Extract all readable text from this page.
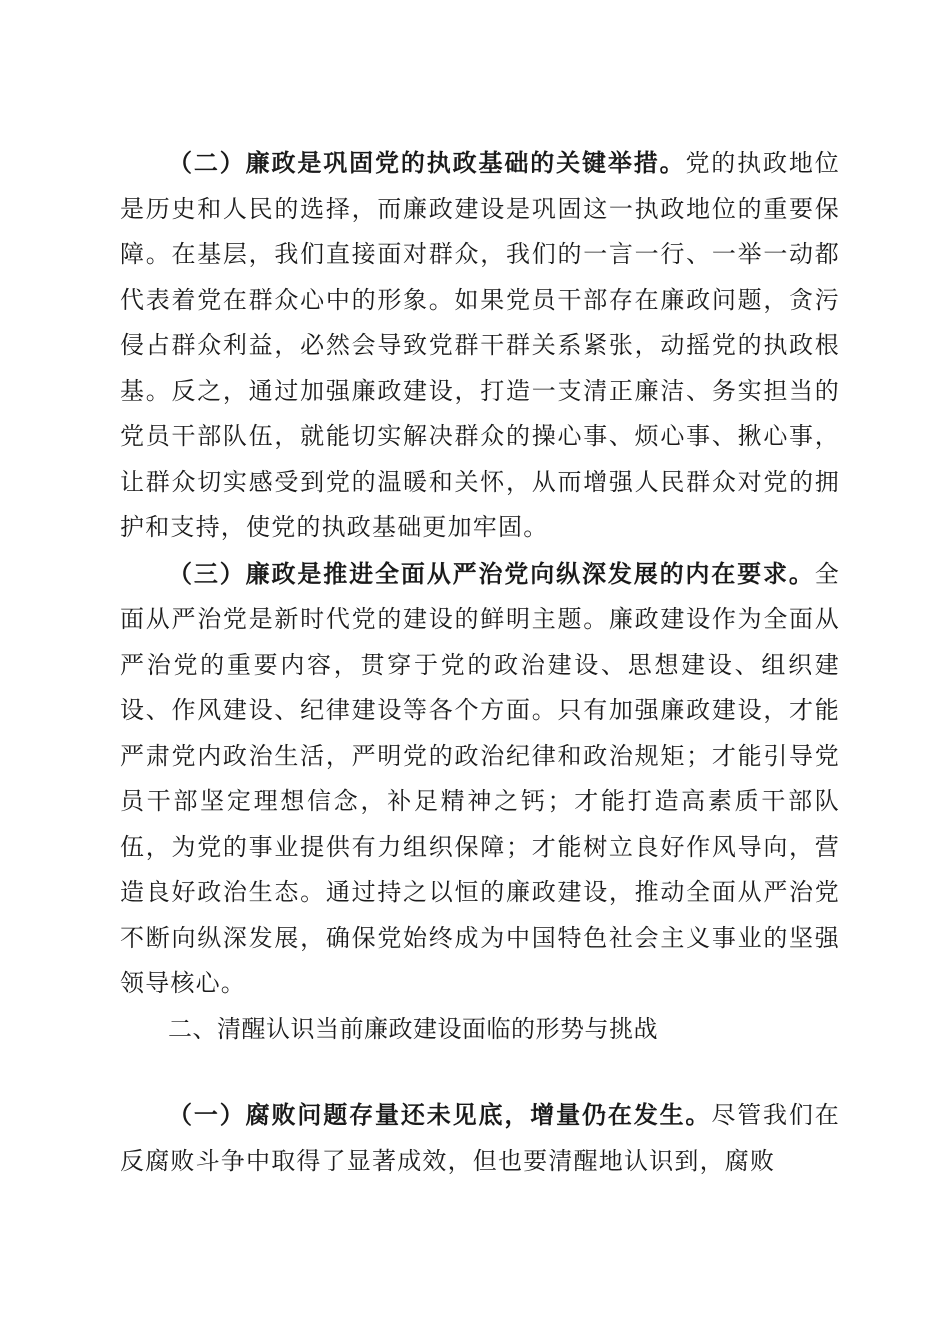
（二）廉政是巩固党的执政基础的关键举措。党的执政地位是历史和人民的选择，而廉政建设是巩固这一执政地位的重要保障。在基层，我们直接面对群众，我们的一言一行、一举一动都代表着党在群众心中的形象。如果党员干部存在廉政问题，贪污侵占群众利益，必然会导致党群干群关系紧张，动摇党的执政根基。反之，通过加强廉政建设，打造一支清正廉洁、务实担当的党员干部队伍，就能切实解决群众的操心事、烦心事、揪心事，让群众切实感受到党的温暖和关怀，从而增强人民群众对党的拥护和支持，使党的执政基础更加牢固。

（三）廉政是推进全面从严治党向纵深发展的内在要求。全面从严治党是新时代党的建设的鲜明主题。廉政建设作为全面从严治党的重要内容，贯穿于党的政治建设、思想建设、组织建设、作风建设、纪律建设等各个方面。只有加强廉政建设，才能严肃党内政治生活，严明党的政治纪律和政治规矩；才能引导党员干部坚定理想信念，补足精神之钙；才能打造高素质干部队伍，为党的事业提供有力组织保障；才能树立良好作风导向，营造良好政治生态。通过持之以恒的廉政建设，推动全面从严治党不断向纵深发展，确保党始终成为中国特色社会主义事业的坚强领导核心。

二、清醒认识当前廉政建设面临的形势与挑战

（一）腐败问题存量还未见底，增量仍在发生。尽管我们在反腐败斗争中取得了显著成效，但也要清醒地认识到，腐败
